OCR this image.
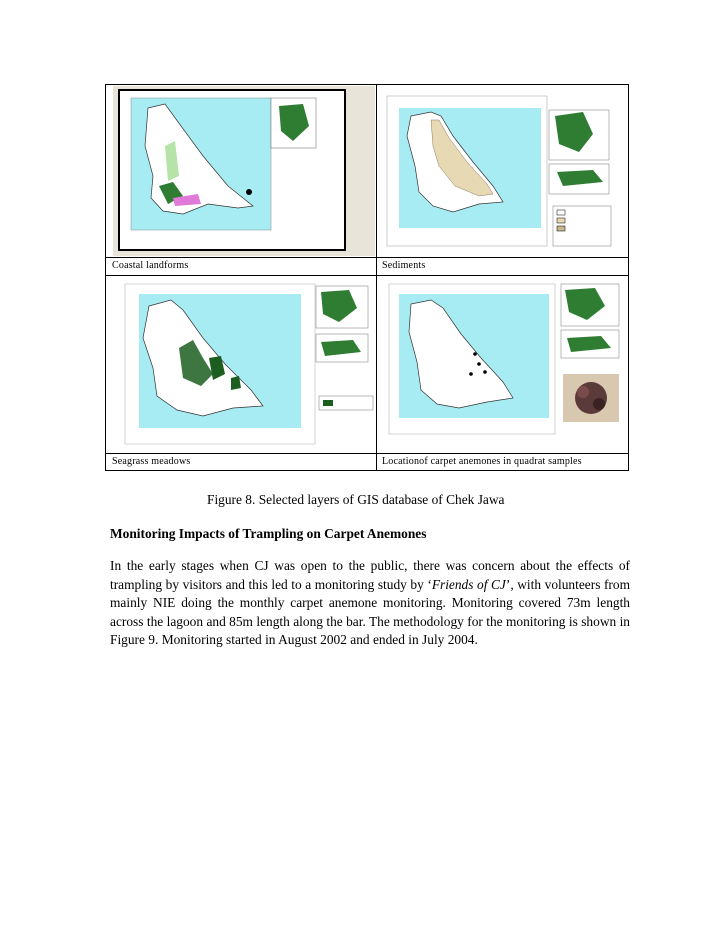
Coastal landforms	Sediments
Seagrass meadows	Locationof carpet anemones in quadrat samples
Figure 8. Selected layers of GIS database of Chek Jawa
Monitoring Impacts of Trampling on Carpet Anemones
In the early stages when CJ was open to the public, there was concern about the effects of trampling by visitors and this led to a monitoring study by ‘Friends of CJ’, with volunteers from mainly NIE doing the monthly carpet anemone monitoring. Monitoring covered 73m length across the lagoon and 85m length along the bar. The methodology for the monitoring is shown in Figure 9. Monitoring started in August 2002 and ended in July 2004.
